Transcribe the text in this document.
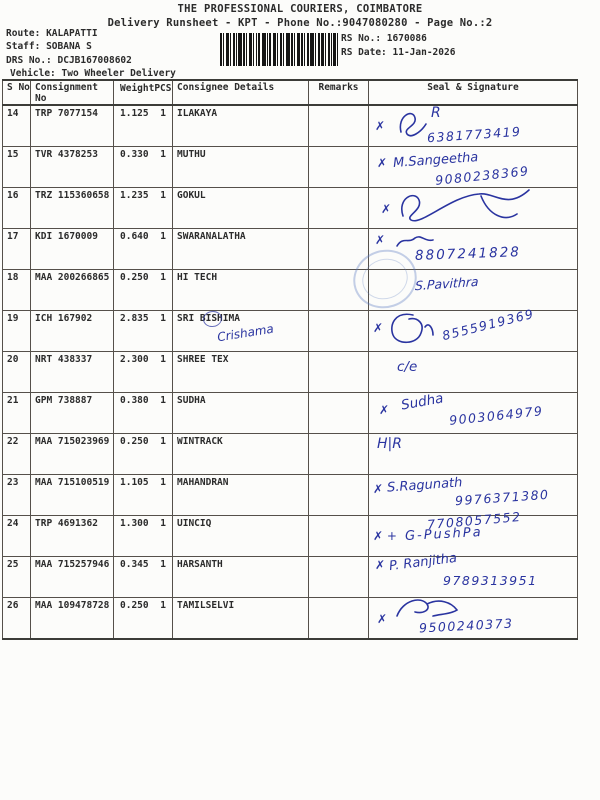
THE PROFESSIONAL COURIERS, COIMBATORE
Delivery Runsheet - KPT - Phone No.:9047080280 - Page No.:2
Route: KALAPATTI
Staff: SOBANA S
DRS No.: DCJB167008602
Vehicle: Two Wheeler Delivery
RS No.: 1670086
RS Date: 11-Jan-2026
S No	Consignment No	Weight PCS	Consignee Details	Remarks	Seal & Signature
14	TRP 7077154	1.125 1	ILAKAYA		✗
R
6381773419

15	TVR 4378253	0.330 1	MUTHU		✗ M.Sangeetha
9080238369

16	TRZ 115360658	1.235 1	GOKUL		✗

17	KDI 1670009	0.640 1	SWARANALATHA		✗
8807241828

18	MAA 200266865	0.250 1	HI TECH		S.Pavithra

19	ICH 167902	2.835 1	SRI BISHIMA
Crishama		✗ 8555919369

20	NRT 438337	2.300 1	SHREE TEX		c/e

21	GPM 738887	0.380 1	SUDHA		✗ Sudha
9003064979

22	MAA 715023969	0.250 1	WINTRACK		H|R

23	MAA 715100519	1.105 1	MAHANDRAN		✗ S.Ragunath
9976371380

24	TRP 4691362	1.300 1	UINCIQ		7708057552
✗ + G-PushPa

25	MAA 715257946	0.345 1	HARSANTH		✗ P. Ranjitha
9789313951

26	MAA 109478728	0.250 1	TAMILSELVI		✗ 9500240373
